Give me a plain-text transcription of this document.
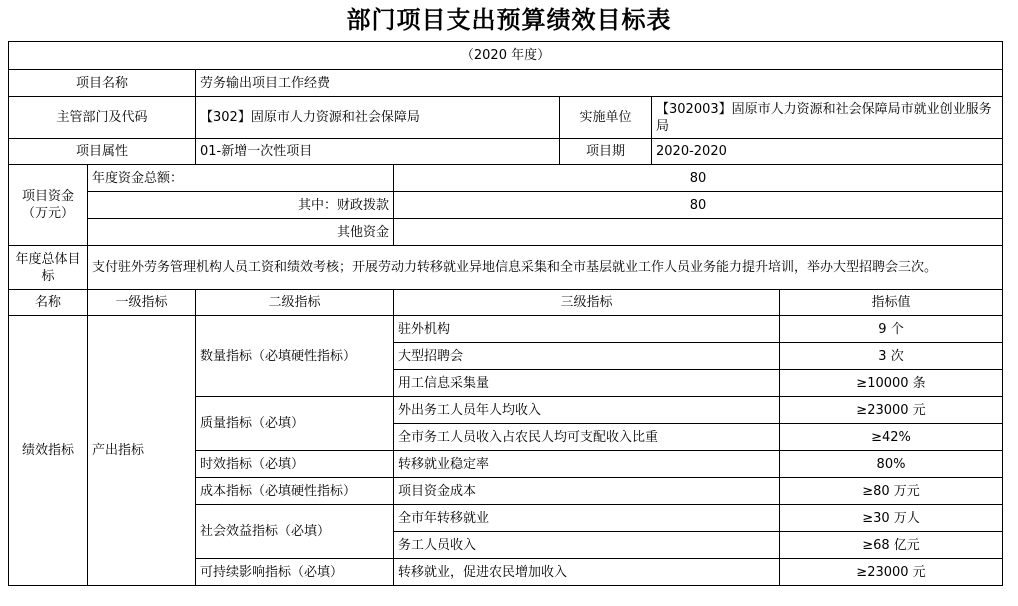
部门项目支出预算绩效目标表
（2020 年度）						
项目名称		劳务输出项目工作经费				
主管部门及代码		【302】固原市人力资源和社会保障局		实施单位	【302003】固原市人力资源和社会保障局市就业创业服务局	
项目属性		01-新增一次性项目		项目期	2020-2020	
项目资金（万元）	年度资金总额：		80			
	其中：财政拨款		80			
	其他资金					
年度总体目标	支付驻外劳务管理机构人员工资和绩效考核；开展劳动力转移就业异地信息采集和全市基层就业工作人员业务能力提升培训，举办大型招聘会三次。					
名称	一级指标	二级指标	三级指标			指标值
绩效指标	产出指标	数量指标（必填硬性指标）	驻外机构			9 个
			大型招聘会			3 次
			用工信息采集量			≥10000 条
		质量指标（必填）	外出务工人员年人均收入			≥23000 元
			全市务工人员收入占农民人均可支配收入比重			≥42%
		时效指标（必填）	转移就业稳定率			80%
		成本指标（必填硬性指标）	项目资金成本			≥80 万元
		社会效益指标（必填）	全市年转移就业			≥30 万人
			务工人员收入			≥68 亿元
		可持续影响指标（必填）	转移就业，促进农民增加收入			≥23000 元
